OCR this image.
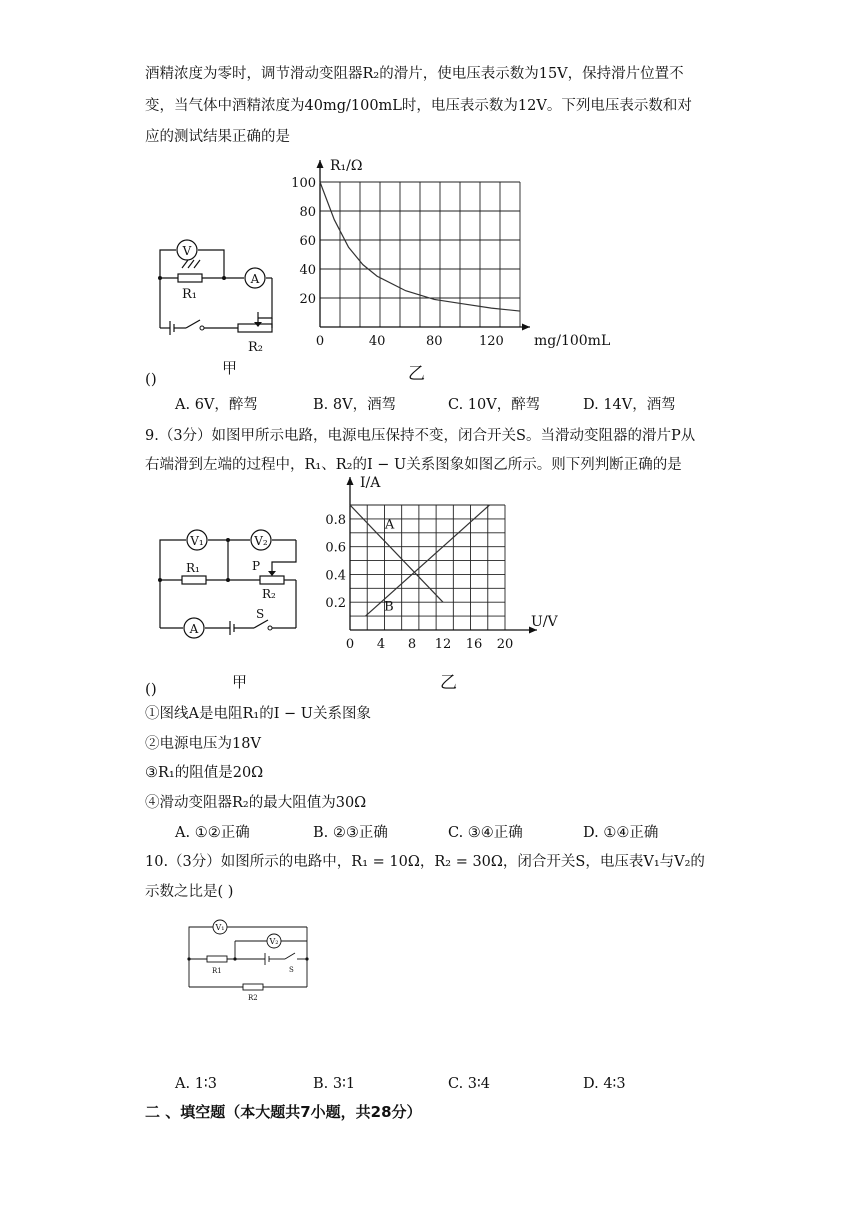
酒精浓度为零时，调节滑动变阻器R₂的滑片，使电压表示数为15V，保持滑片位置不
变，当气体中酒精浓度为40mg/100mL时，电压表示数为12V。下列电压表示数和对
应的测试结果正确的是
V
A
R₁
R₂
甲
()
0	40	80	120
20
40
60
80
100
R₁/Ω
mg/100mL
乙
A. 6V，醉驾	B. 8V，酒驾	C. 10V，醉驾	D. 14V，酒驾
9.（3分）如图甲所示电路，电源电压保持不变，闭合开关S。当滑动变阻器的滑片P从
右端滑到左端的过程中，R₁、R₂的I − U关系图象如图乙所示。则下列判断正确的是
V₁	V₂
R₁	P
R₂
A
S
甲
()
0 4 8 12 16 20
0.2
0.4
0.6
0.8
I/A
U/V
A
B
乙
①图线A是电阻R₁的I − U关系图象
②电源电压为18V
③R₁的阻值是20Ω
④滑动变阻器R₂的最大阻值为30Ω
A. ①②正确	B. ②③正确	C. ③④正确	D. ①④正确
10.（3分）如图所示的电路中，R₁ = 10Ω，R₂ = 30Ω，闭合开关S，电压表V₁与V₂的
示数之比是( )
V₁
V₂
R1	S
R2
A. 1∶3	B. 3∶1	C. 3∶4	D. 4∶3
二 、填空题（本大题共7小题，共28分）
